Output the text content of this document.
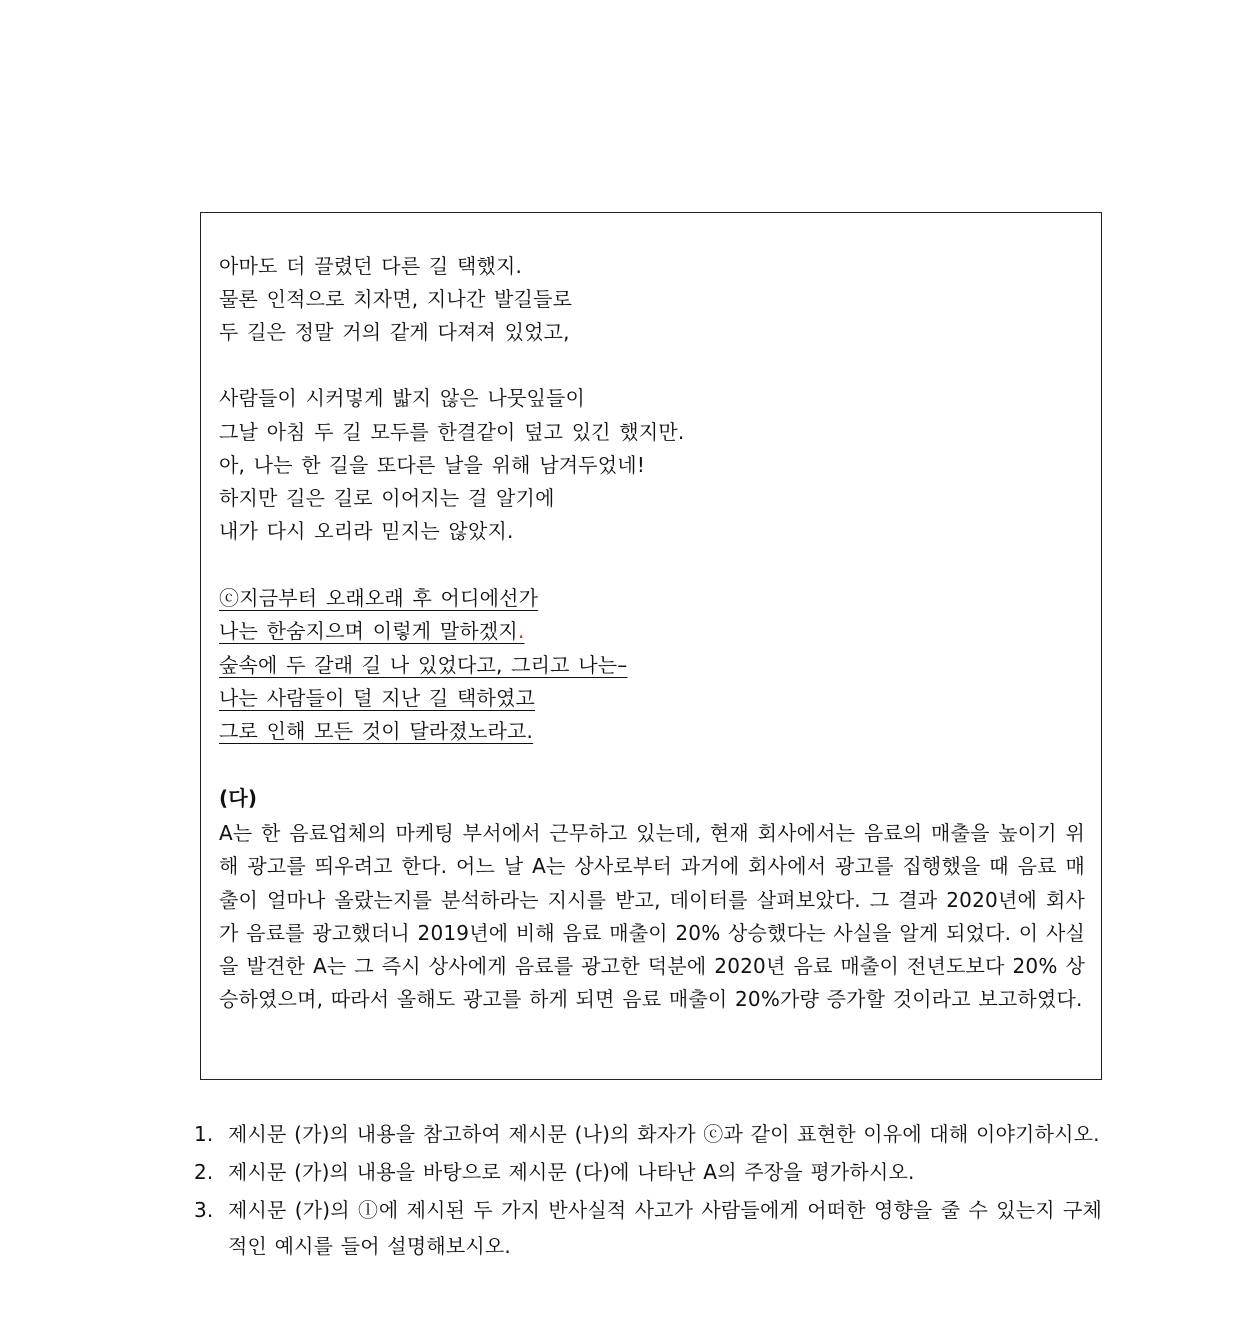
아마도 더 끌렸던 다른 길 택했지.
물론 인적으로 치자면, 지나간 발길들로
두 길은 정말 거의 같게 다져져 있었고,
사람들이 시커멓게 밟지 않은 나뭇잎들이
그날 아침 두 길 모두를 한결같이 덮고 있긴 했지만.
아, 나는 한 길을 또다른 날을 위해 남겨두었네!
하지만 길은 길로 이어지는 걸 알기에
내가 다시 오리라 믿지는 않았지.
ⓒ지금부터 오래오래 후 어디에선가
나는 한숨지으며 이렇게 말하겠지.
숲속에 두 갈래 길 나 있었다고, 그리고 나는–
나는 사람들이 덜 지난 길 택하였고
그로 인해 모든 것이 달라졌노라고.
(다)
A는 한 음료업체의 마케팅 부서에서 근무하고 있는데, 현재 회사에서는 음료의 매출을 높이기 위해 광고를 띄우려고 한다. 어느 날 A는 상사로부터 과거에 회사에서 광고를 집행했을 때 음료 매출이 얼마나 올랐는지를 분석하라는 지시를 받고, 데이터를 살펴보았다. 그 결과 2020년에 회사가 음료를 광고했더니 2019년에 비해 음료 매출이 20% 상승했다는 사실을 알게 되었다. 이 사실을 발견한 A는 그 즉시 상사에게 음료를 광고한 덕분에 2020년 음료 매출이 전년도보다 20% 상승하였으며, 따라서 올해도 광고를 하게 되면 음료 매출이 20%가량 증가할 것이라고 보고하였다.
1. 제시문 (가)의 내용을 참고하여 제시문 (나)의 화자가 ⓒ과 같이 표현한 이유에 대해 이야기하시오.
2. 제시문 (가)의 내용을 바탕으로 제시문 (다)에 나타난 A의 주장을 평가하시오.
3. 제시문 (가)의 ⓛ에 제시된 두 가지 반사실적 사고가 사람들에게 어떠한 영향을 줄 수 있는지 구체적인 예시를 들어 설명해보시오.
